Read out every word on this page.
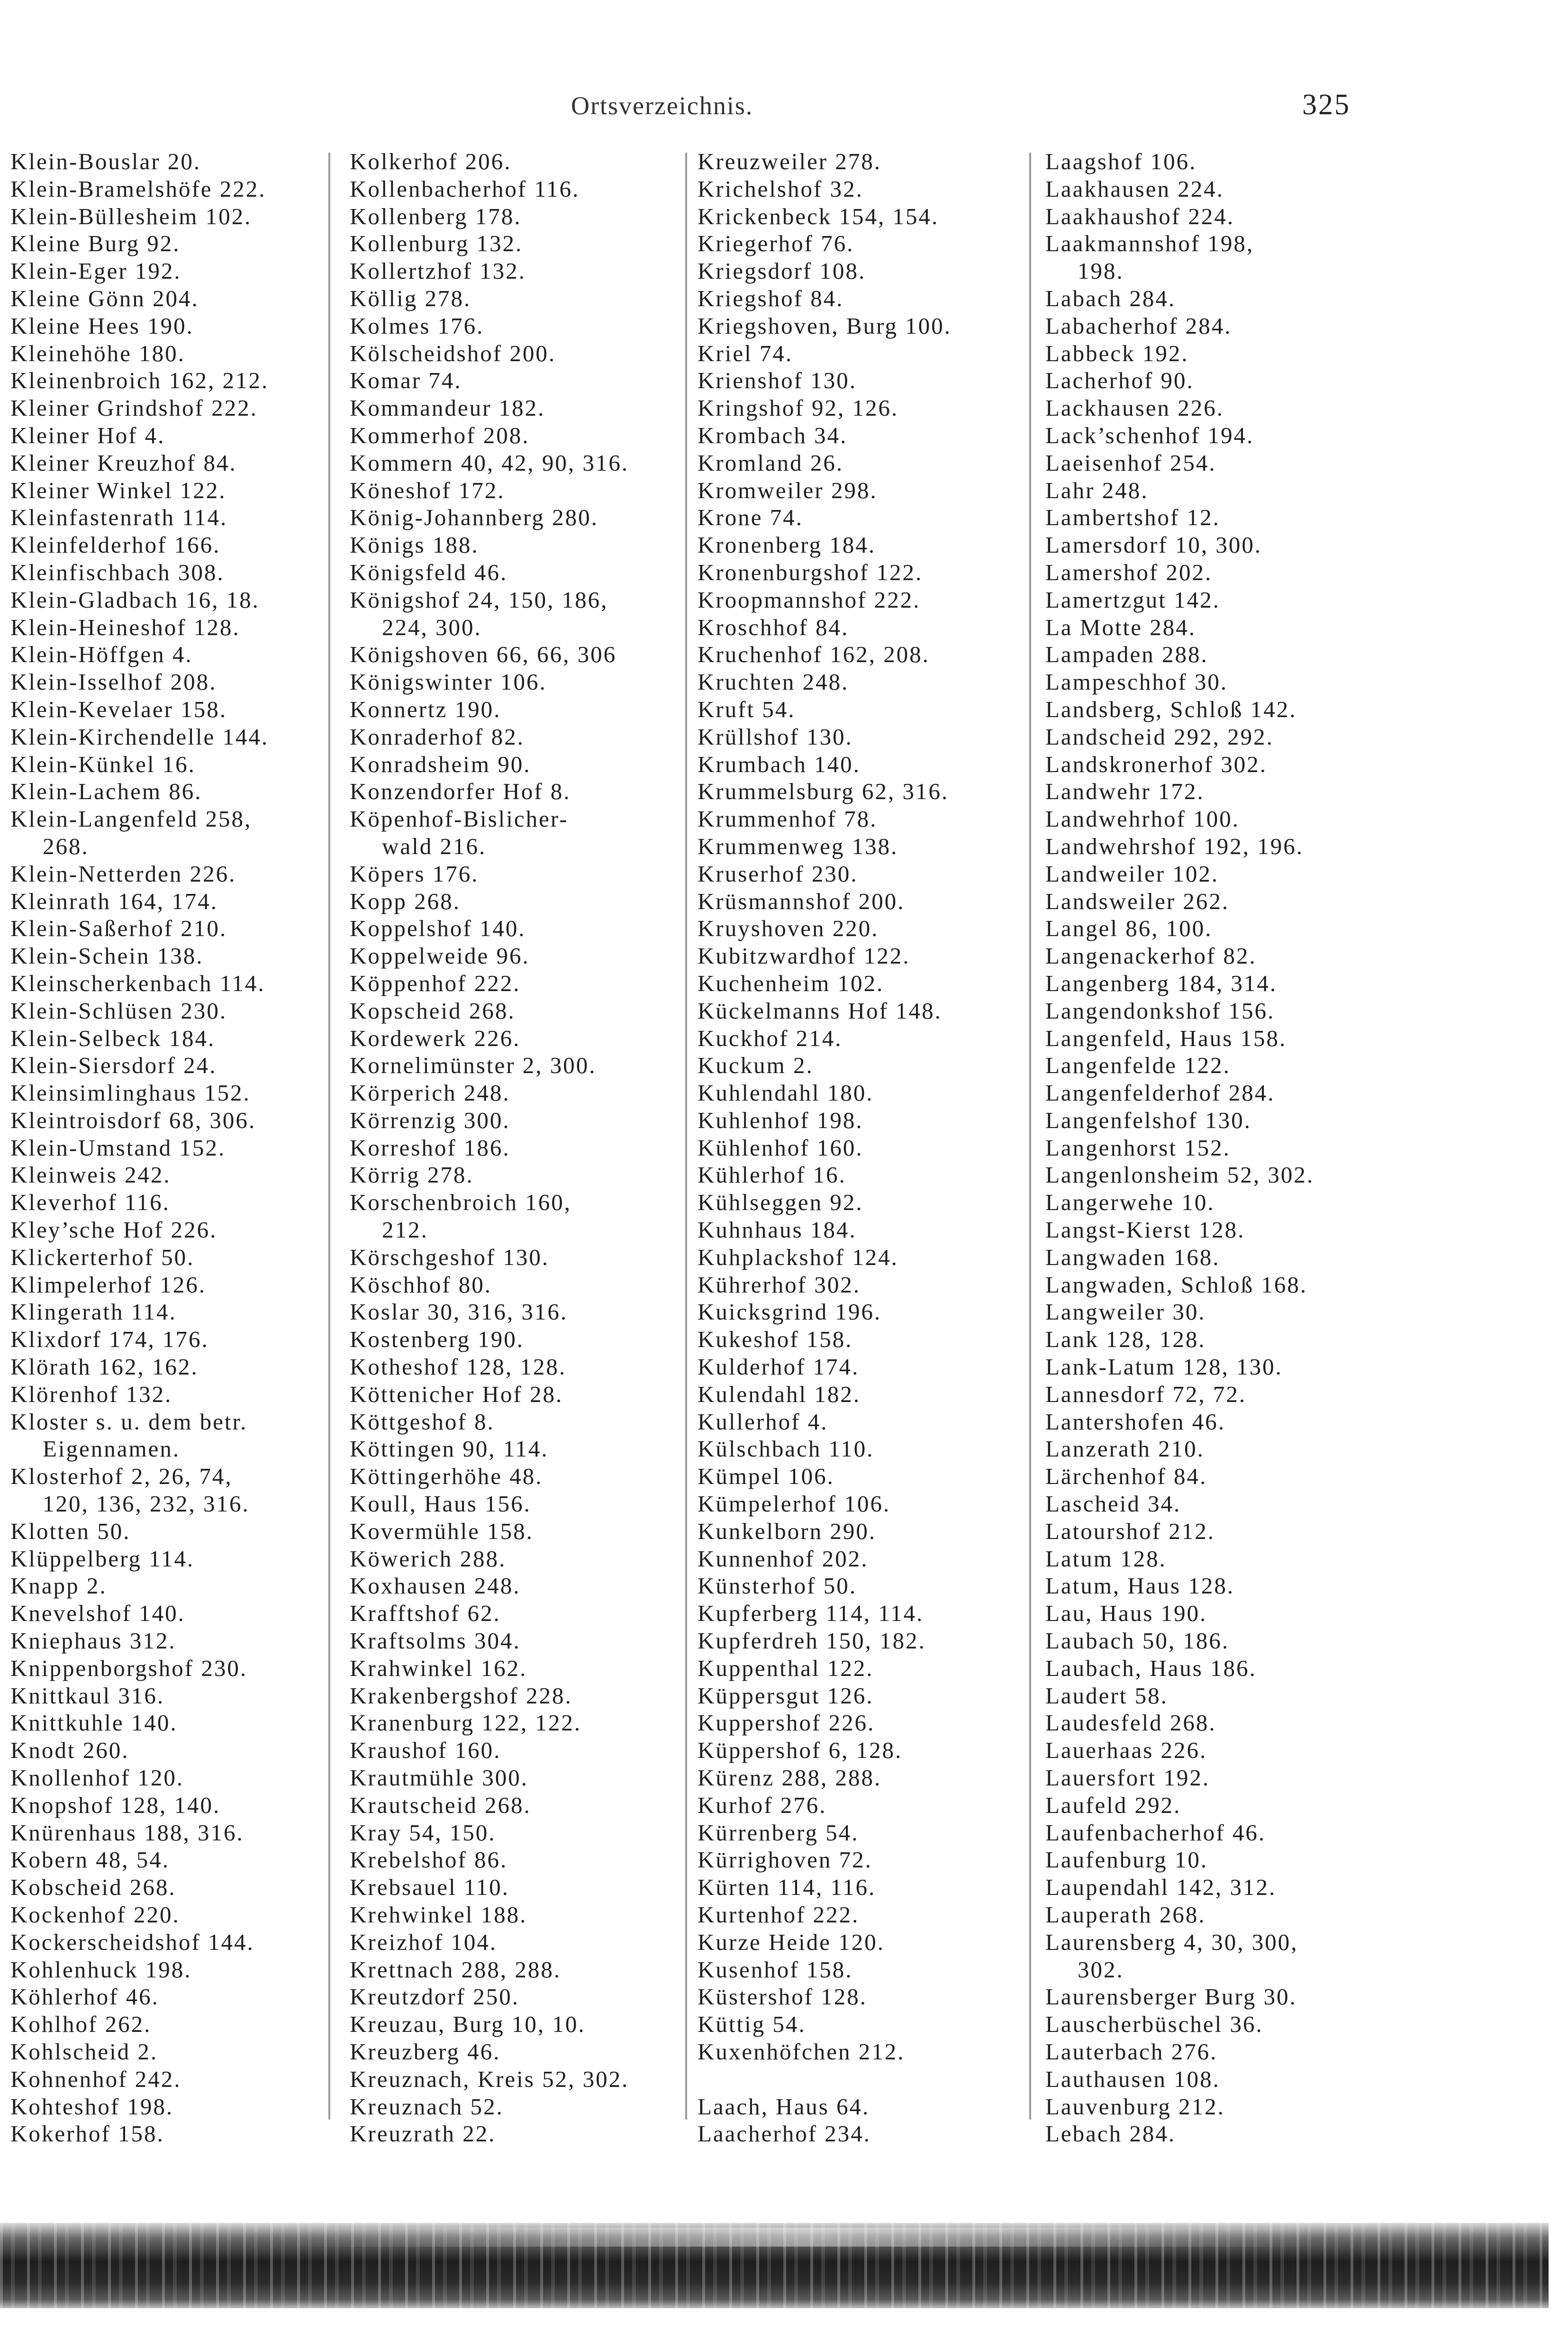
Ortsverzeichnis.	325
Klein-Bouslar 20.
Klein-Bramelshöfe 222.
Klein-Büllesheim 102.
Kleine Burg 92.
Klein-Eger 192.
Kleine Gönn 204.
Kleine Hees 190.
Kleinehöhe 180.
Kleinenbroich 162, 212.
Kleiner Grindshof 222.
Kleiner Hof 4.
Kleiner Kreuzhof 84.
Kleiner Winkel 122.
Kleinfastenrath 114.
Kleinfelderhof 166.
Kleinfischbach 308.
Klein-Gladbach 16, 18.
Klein-Heineshof 128.
Klein-Höffgen 4.
Klein-Isselhof 208.
Klein-Kevelaer 158.
Klein-Kirchendelle 144.
Klein-Künkel 16.
Klein-Lachem 86.
Klein-Langenfeld 258,
268.
Klein-Netterden 226.
Kleinrath 164, 174.
Klein-Saßerhof 210.
Klein-Schein 138.
Kleinscherkenbach 114.
Klein-Schlüsen 230.
Klein-Selbeck 184.
Klein-Siersdorf 24.
Kleinsimlinghaus 152.
Kleintroisdorf 68, 306.
Klein-Umstand 152.
Kleinweis 242.
Kleverhof 116.
Kley’sche Hof 226.
Klickerterhof 50.
Klimpelerhof 126.
Klingerath 114.
Klixdorf 174, 176.
Klörath 162, 162.
Klörenhof 132.
Kloster s. u. dem betr.
Eigennamen.
Klosterhof 2, 26, 74,
120, 136, 232, 316.
Klotten 50.
Klüppelberg 114.
Knapp 2.
Knevelshof 140.
Kniephaus 312.
Knippenborgshof 230.
Knittkaul 316.
Knittkuhle 140.
Knodt 260.
Knollenhof 120.
Knopshof 128, 140.
Knürenhaus 188, 316.
Kobern 48, 54.
Kobscheid 268.
Kockenhof 220.
Kockerscheidshof 144.
Kohlenhuck 198.
Köhlerhof 46.
Kohlhof 262.
Kohlscheid 2.
Kohnenhof 242.
Kohteshof 198.
Kokerhof 158.
Kolkerhof 206.
Kollenbacherhof 116.
Kollenberg 178.
Kollenburg 132.
Kollertzhof 132.
Köllig 278.
Kolmes 176.
Kölscheidshof 200.
Komar 74.
Kommandeur 182.
Kommerhof 208.
Kommern 40, 42, 90, 316.
Köneshof 172.
König-Johannberg 280.
Königs 188.
Königsfeld 46.
Königshof 24, 150, 186,
224, 300.
Königshoven 66, 66, 306
Königswinter 106.
Konnertz 190.
Konraderhof 82.
Konradsheim 90.
Konzendorfer Hof 8.
Köpenhof-Bislicher-
wald 216.
Köpers 176.
Kopp 268.
Koppelshof 140.
Koppelweide 96.
Köppenhof 222.
Kopscheid 268.
Kordewerk 226.
Kornelimünster 2, 300.
Körperich 248.
Körrenzig 300.
Korreshof 186.
Körrig 278.
Korschenbroich 160,
212.
Körschgeshof 130.
Köschhof 80.
Koslar 30, 316, 316.
Kostenberg 190.
Kotheshof 128, 128.
Köttenicher Hof 28.
Köttgeshof 8.
Köttingen 90, 114.
Köttingerhöhe 48.
Koull, Haus 156.
Kovermühle 158.
Köwerich 288.
Koxhausen 248.
Krafftshof 62.
Kraftsolms 304.
Krahwinkel 162.
Krakenbergshof 228.
Kranenburg 122, 122.
Kraushof 160.
Krautmühle 300.
Krautscheid 268.
Kray 54, 150.
Krebelshof 86.
Krebsauel 110.
Krehwinkel 188.
Kreizhof 104.
Krettnach 288, 288.
Kreutzdorf 250.
Kreuzau, Burg 10, 10.
Kreuzberg 46.
Kreuznach, Kreis 52, 302.
Kreuznach 52.
Kreuzrath 22.
Kreuzweiler 278.
Krichelshof 32.
Krickenbeck 154, 154.
Kriegerhof 76.
Kriegsdorf 108.
Kriegshof 84.
Kriegshoven, Burg 100.
Kriel 74.
Krienshof 130.
Kringshof 92, 126.
Krombach 34.
Kromland 26.
Kromweiler 298.
Krone 74.
Kronenberg 184.
Kronenburgshof 122.
Kroopmannshof 222.
Kroschhof 84.
Kruchenhof 162, 208.
Kruchten 248.
Kruft 54.
Krüllshof 130.
Krumbach 140.
Krummelsburg 62, 316.
Krummenhof 78.
Krummenweg 138.
Kruserhof 230.
Krüsmannshof 200.
Kruyshoven 220.
Kubitzwardhof 122.
Kuchenheim 102.
Kückelmanns Hof 148.
Kuckhof 214.
Kuckum 2.
Kuhlendahl 180.
Kuhlenhof 198.
Kühlenhof 160.
Kühlerhof 16.
Kühlseggen 92.
Kuhnhaus 184.
Kuhplackshof 124.
Kührerhof 302.
Kuicksgrind 196.
Kukeshof 158.
Kulderhof 174.
Kulendahl 182.
Kullerhof 4.
Külschbach 110.
Kümpel 106.
Kümpelerhof 106.
Kunkelborn 290.
Kunnenhof 202.
Künsterhof 50.
Kupferberg 114, 114.
Kupferdreh 150, 182.
Kuppenthal 122.
Küppersgut 126.
Kuppershof 226.
Küppershof 6, 128.
Kürenz 288, 288.
Kurhof 276.
Kürrenberg 54.
Kürrighoven 72.
Kürten 114, 116.
Kurtenhof 222.
Kurze Heide 120.
Kusenhof 158.
Küstershof 128.
Küttig 54.
Kuxenhöfchen 212.
Laach, Haus 64.
Laacherhof 234.
Laagshof 106.
Laakhausen 224.
Laakhaushof 224.
Laakmannshof 198,
198.
Labach 284.
Labacherhof 284.
Labbeck 192.
Lacherhof 90.
Lackhausen 226.
Lack’schenhof 194.
Laeisenhof 254.
Lahr 248.
Lambertshof 12.
Lamersdorf 10, 300.
Lamershof 202.
Lamertzgut 142.
La Motte 284.
Lampaden 288.
Lampeschhof 30.
Landsberg, Schloß 142.
Landscheid 292, 292.
Landskronerhof 302.
Landwehr 172.
Landwehrhof 100.
Landwehrshof 192, 196.
Landweiler 102.
Landsweiler 262.
Langel 86, 100.
Langenackerhof 82.
Langenberg 184, 314.
Langendonkshof 156.
Langenfeld, Haus 158.
Langenfelde 122.
Langenfelderhof 284.
Langenfelshof 130.
Langenhorst 152.
Langenlonsheim 52, 302.
Langerwehe 10.
Langst-Kierst 128.
Langwaden 168.
Langwaden, Schloß 168.
Langweiler 30.
Lank 128, 128.
Lank-Latum 128, 130.
Lannesdorf 72, 72.
Lantershofen 46.
Lanzerath 210.
Lärchenhof 84.
Lascheid 34.
Latourshof 212.
Latum 128.
Latum, Haus 128.
Lau, Haus 190.
Laubach 50, 186.
Laubach, Haus 186.
Laudert 58.
Laudesfeld 268.
Lauerhaas 226.
Lauersfort 192.
Laufeld 292.
Laufenbacherhof 46.
Laufenburg 10.
Laupendahl 142, 312.
Lauperath 268.
Laurensberg 4, 30, 300,
302.
Laurensberger Burg 30.
Lauscherbüschel 36.
Lauterbach 276.
Lauthausen 108.
Lauvenburg 212.
Lebach 284.
